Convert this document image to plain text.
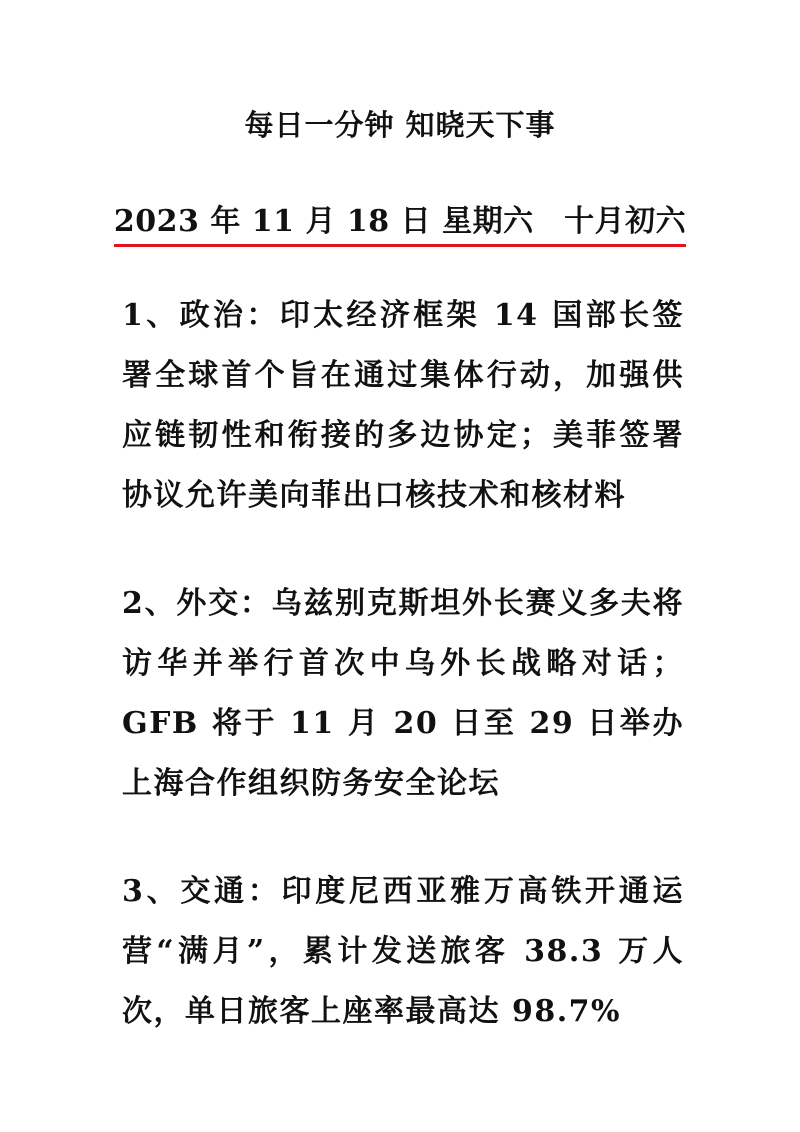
每日一分钟 知晓天下事
2023 年 11 月 18 日 星期六　十月初六
1、政治：印太经济框架 14 国部长签署全球首个旨在通过集体行动，加强供应链韧性和衔接的多边协定；美菲签署协议允许美向菲出口核技术和核材料
2、外交：乌兹别克斯坦外长赛义多夫将访华并举行首次中乌外长战略对话；GFB 将于 11 月 20 日至 29 日举办上海合作组织防务安全论坛
3、交通：印度尼西亚雅万高铁开通运营“满月”，累计发送旅客 38.3 万人次，单日旅客上座率最高达 98.7%
